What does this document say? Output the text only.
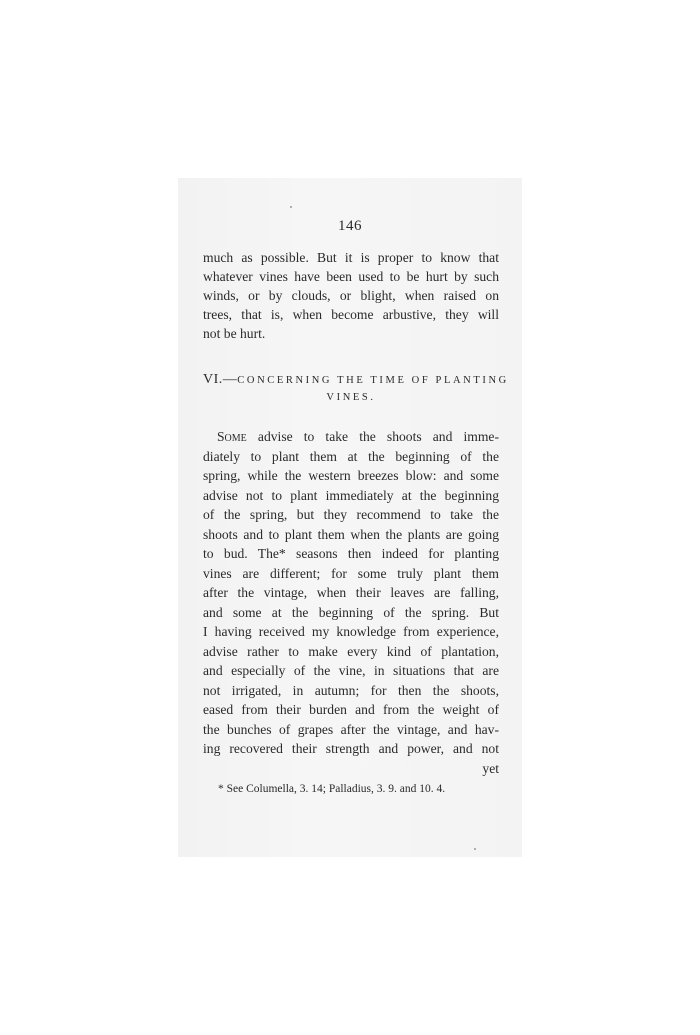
146
much as possible. But it is proper to know that
whatever vines have been used to be hurt by such
winds, or by clouds, or blight, when raised on
trees, that is, when become arbustive, they will
not be hurt.
VI.—CONCERNING THE TIME OF PLANTING
VINES.
Some advise to take the shoots and imme-
diately to plant them at the beginning of the
spring, while the western breezes blow: and some
advise not to plant immediately at the beginning
of the spring, but they recommend to take the
shoots and to plant them when the plants are going
to bud. The* seasons then indeed for planting
vines are different; for some truly plant them
after the vintage, when their leaves are falling,
and some at the beginning of the spring. But
I having received my knowledge from experience,
advise rather to make every kind of plantation,
and especially of the vine, in situations that are
not irrigated, in autumn; for then the shoots,
eased from their burden and from the weight of
the bunches of grapes after the vintage, and hav-
ing recovered their strength and power, and not
yet
* See Columella, 3. 14; Palladius, 3. 9. and 10. 4.
